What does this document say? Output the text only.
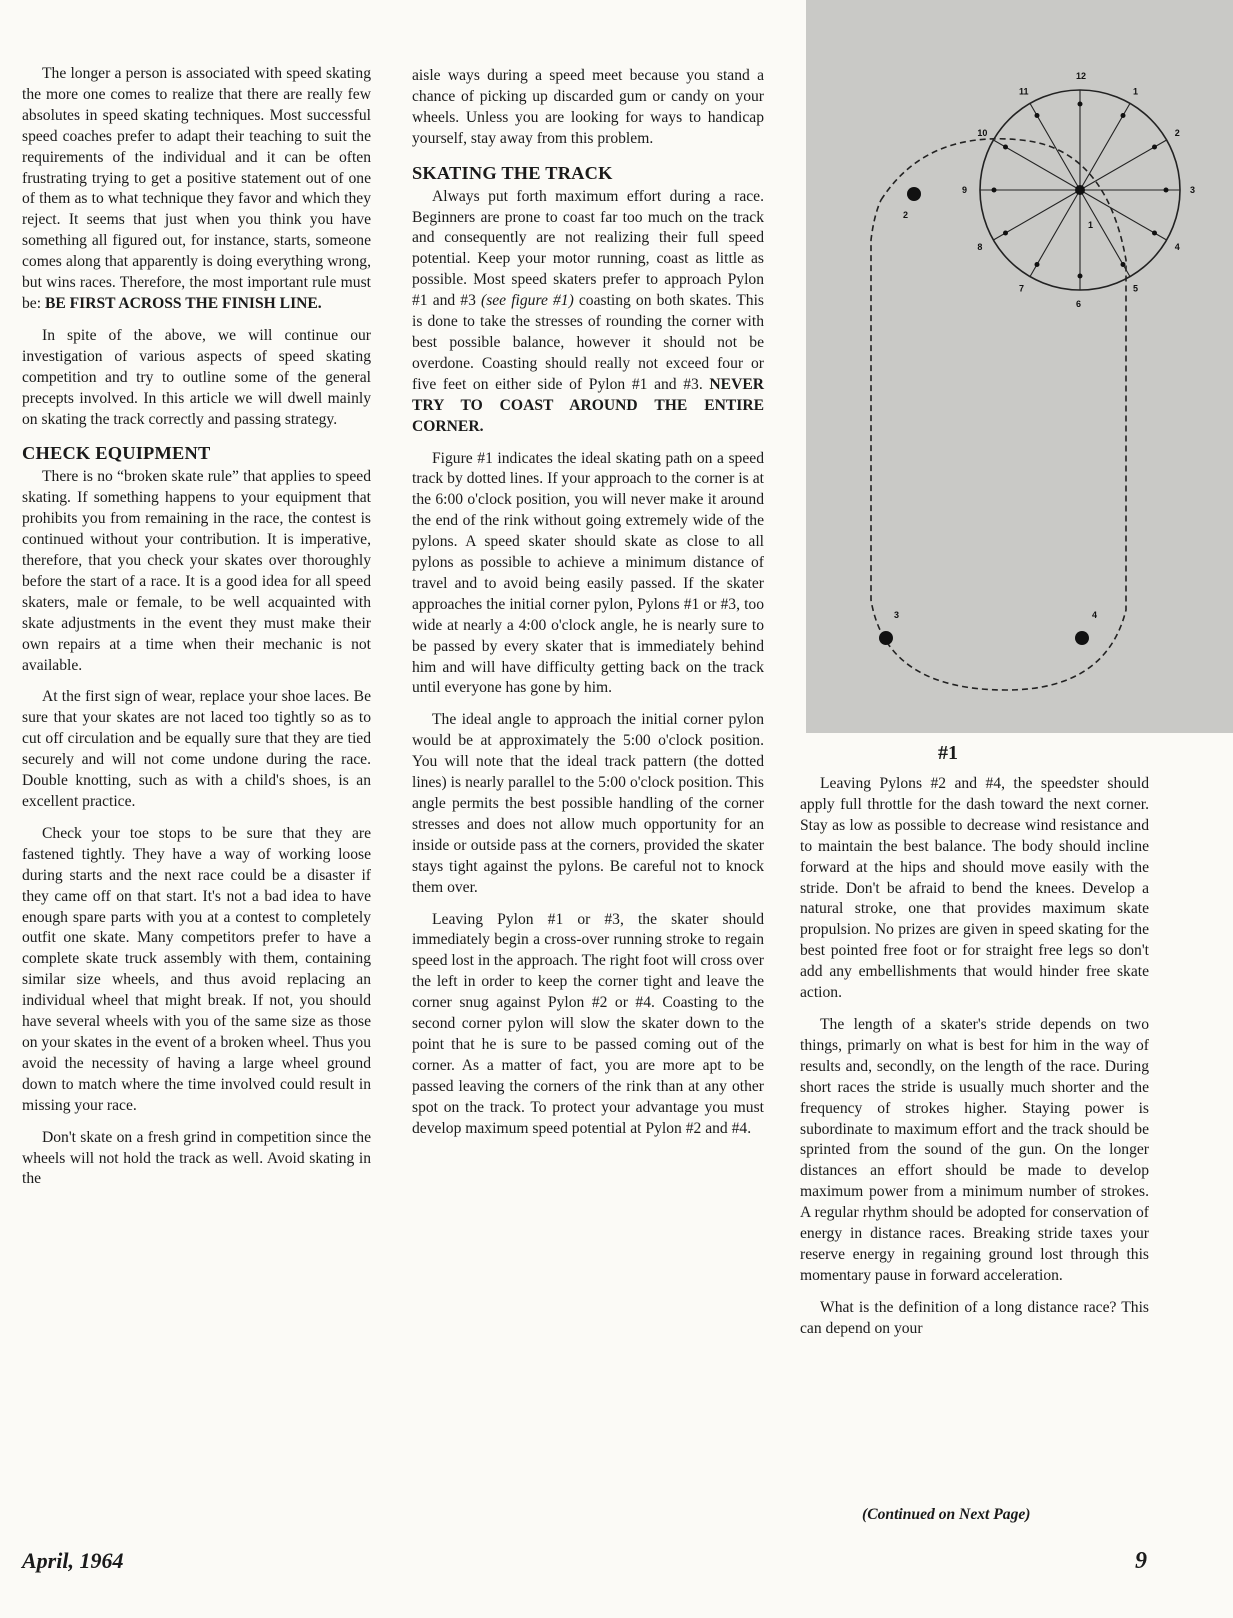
12
1
2
3
4
5
6
7
8
9
10
11
2
3	4
1
#1

The longer a person is associated with speed skating the more one comes to realize that there are really few absolutes in speed skating techniques. Most successful speed coaches prefer to adapt their teaching to suit the requirements of the individual and it can be often frustrating trying to get a positive statement out of one of them as to what technique they favor and which they reject. It seems that just when you think you have something all figured out, for instance, starts, someone comes along that apparently is doing everything wrong, but wins races. Therefore, the most important rule must be: BE FIRST ACROSS THE FINISH LINE.

In spite of the above, we will continue our investigation of various aspects of speed skating competition and try to outline some of the general precepts involved. In this article we will dwell mainly on skating the track correctly and passing strategy.

CHECK EQUIPMENT

There is no “broken skate rule” that applies to speed skating. If something happens to your equipment that prohibits you from remaining in the race, the contest is continued without your contribution. It is imperative, therefore, that you check your skates over thoroughly before the start of a race. It is a good idea for all speed skaters, male or female, to be well acquainted with skate adjustments in the event they must make their own repairs at a time when their mechanic is not available.

At the first sign of wear, replace your shoe laces. Be sure that your skates are not laced too tightly so as to cut off circulation and be equally sure that they are tied securely and will not come undone during the race. Double knotting, such as with a child's shoes, is an excellent practice.

Check your toe stops to be sure that they are fastened tightly. They have a way of working loose during starts and the next race could be a disaster if they came off on that start. It's not a bad idea to have enough spare parts with you at a contest to completely outfit one skate. Many competitors prefer to have a complete skate truck assembly with them, containing similar size wheels, and thus avoid replacing an individual wheel that might break. If not, you should have several wheels with you of the same size as those on your skates in the event of a broken wheel. Thus you avoid the necessity of having a large wheel ground down to match where the time involved could result in missing your race.

Don't skate on a fresh grind in competition since the wheels will not hold the track as well. Avoid skating in the

aisle ways during a speed meet because you stand a chance of picking up discarded gum or candy on your wheels. Unless you are looking for ways to handicap yourself, stay away from this problem.

SKATING THE TRACK

Always put forth maximum effort during a race. Beginners are prone to coast far too much on the track and consequently are not realizing their full speed potential. Keep your motor running, coast as little as possible. Most speed skaters prefer to approach Pylon #1 and #3 (see figure #1) coasting on both skates. This is done to take the stresses of rounding the corner with best possible balance, however it should not be overdone. Coasting should really not exceed four or five feet on either side of Pylon #1 and #3. NEVER TRY TO COAST AROUND THE ENTIRE CORNER.

Figure #1 indicates the ideal skating path on a speed track by dotted lines. If your approach to the corner is at the 6:00 o'clock position, you will never make it around the end of the rink without going extremely wide of the pylons. A speed skater should skate as close to all pylons as possible to achieve a minimum distance of travel and to avoid being easily passed. If the skater approaches the initial corner pylon, Pylons #1 or #3, too wide at nearly a 4:00 o'clock angle, he is nearly sure to be passed by every skater that is immediately behind him and will have difficulty getting back on the track until everyone has gone by him.

The ideal angle to approach the initial corner pylon would be at approximately the 5:00 o'clock position. You will note that the ideal track pattern (the dotted lines) is nearly parallel to the 5:00 o'clock position. This angle permits the best possible handling of the corner stresses and does not allow much opportunity for an inside or outside pass at the corners, provided the skater stays tight against the pylons. Be careful not to knock them over.

Leaving Pylon #1 or #3, the skater should immediately begin a cross-over running stroke to regain speed lost in the approach. The right foot will cross over the left in order to keep the corner tight and leave the corner snug against Pylon #2 or #4. Coasting to the second corner pylon will slow the skater down to the point that he is sure to be passed coming out of the corner. As a matter of fact, you are more apt to be passed leaving the corners of the rink than at any other spot on the track. To protect your advantage you must develop maximum speed potential at Pylon #2 and #4.

Leaving Pylons #2 and #4, the speedster should apply full throttle for the dash toward the next corner. Stay as low as possible to decrease wind resistance and to maintain the best balance. The body should incline forward at the hips and should move easily with the stride. Don't be afraid to bend the knees. Develop a natural stroke, one that provides maximum skate propulsion. No prizes are given in speed skating for the best pointed free foot or for straight free legs so don't add any embellishments that would hinder free skate action.

The length of a skater's stride depends on two things, primarly on what is best for him in the way of results and, secondly, on the length of the race. During short races the stride is usually much shorter and the frequency of strokes higher. Staying power is subordinate to maximum effort and the track should be sprinted from the sound of the gun. On the longer distances an effort should be made to develop maximum power from a minimum number of strokes. A regular rhythm should be adopted for conservation of energy in distance races. Breaking stride taxes your reserve energy in regaining ground lost through this momentary pause in forward acceleration.

What is the definition of a long distance race? This can depend on your

(Continued on Next Page)
April, 1964	9
